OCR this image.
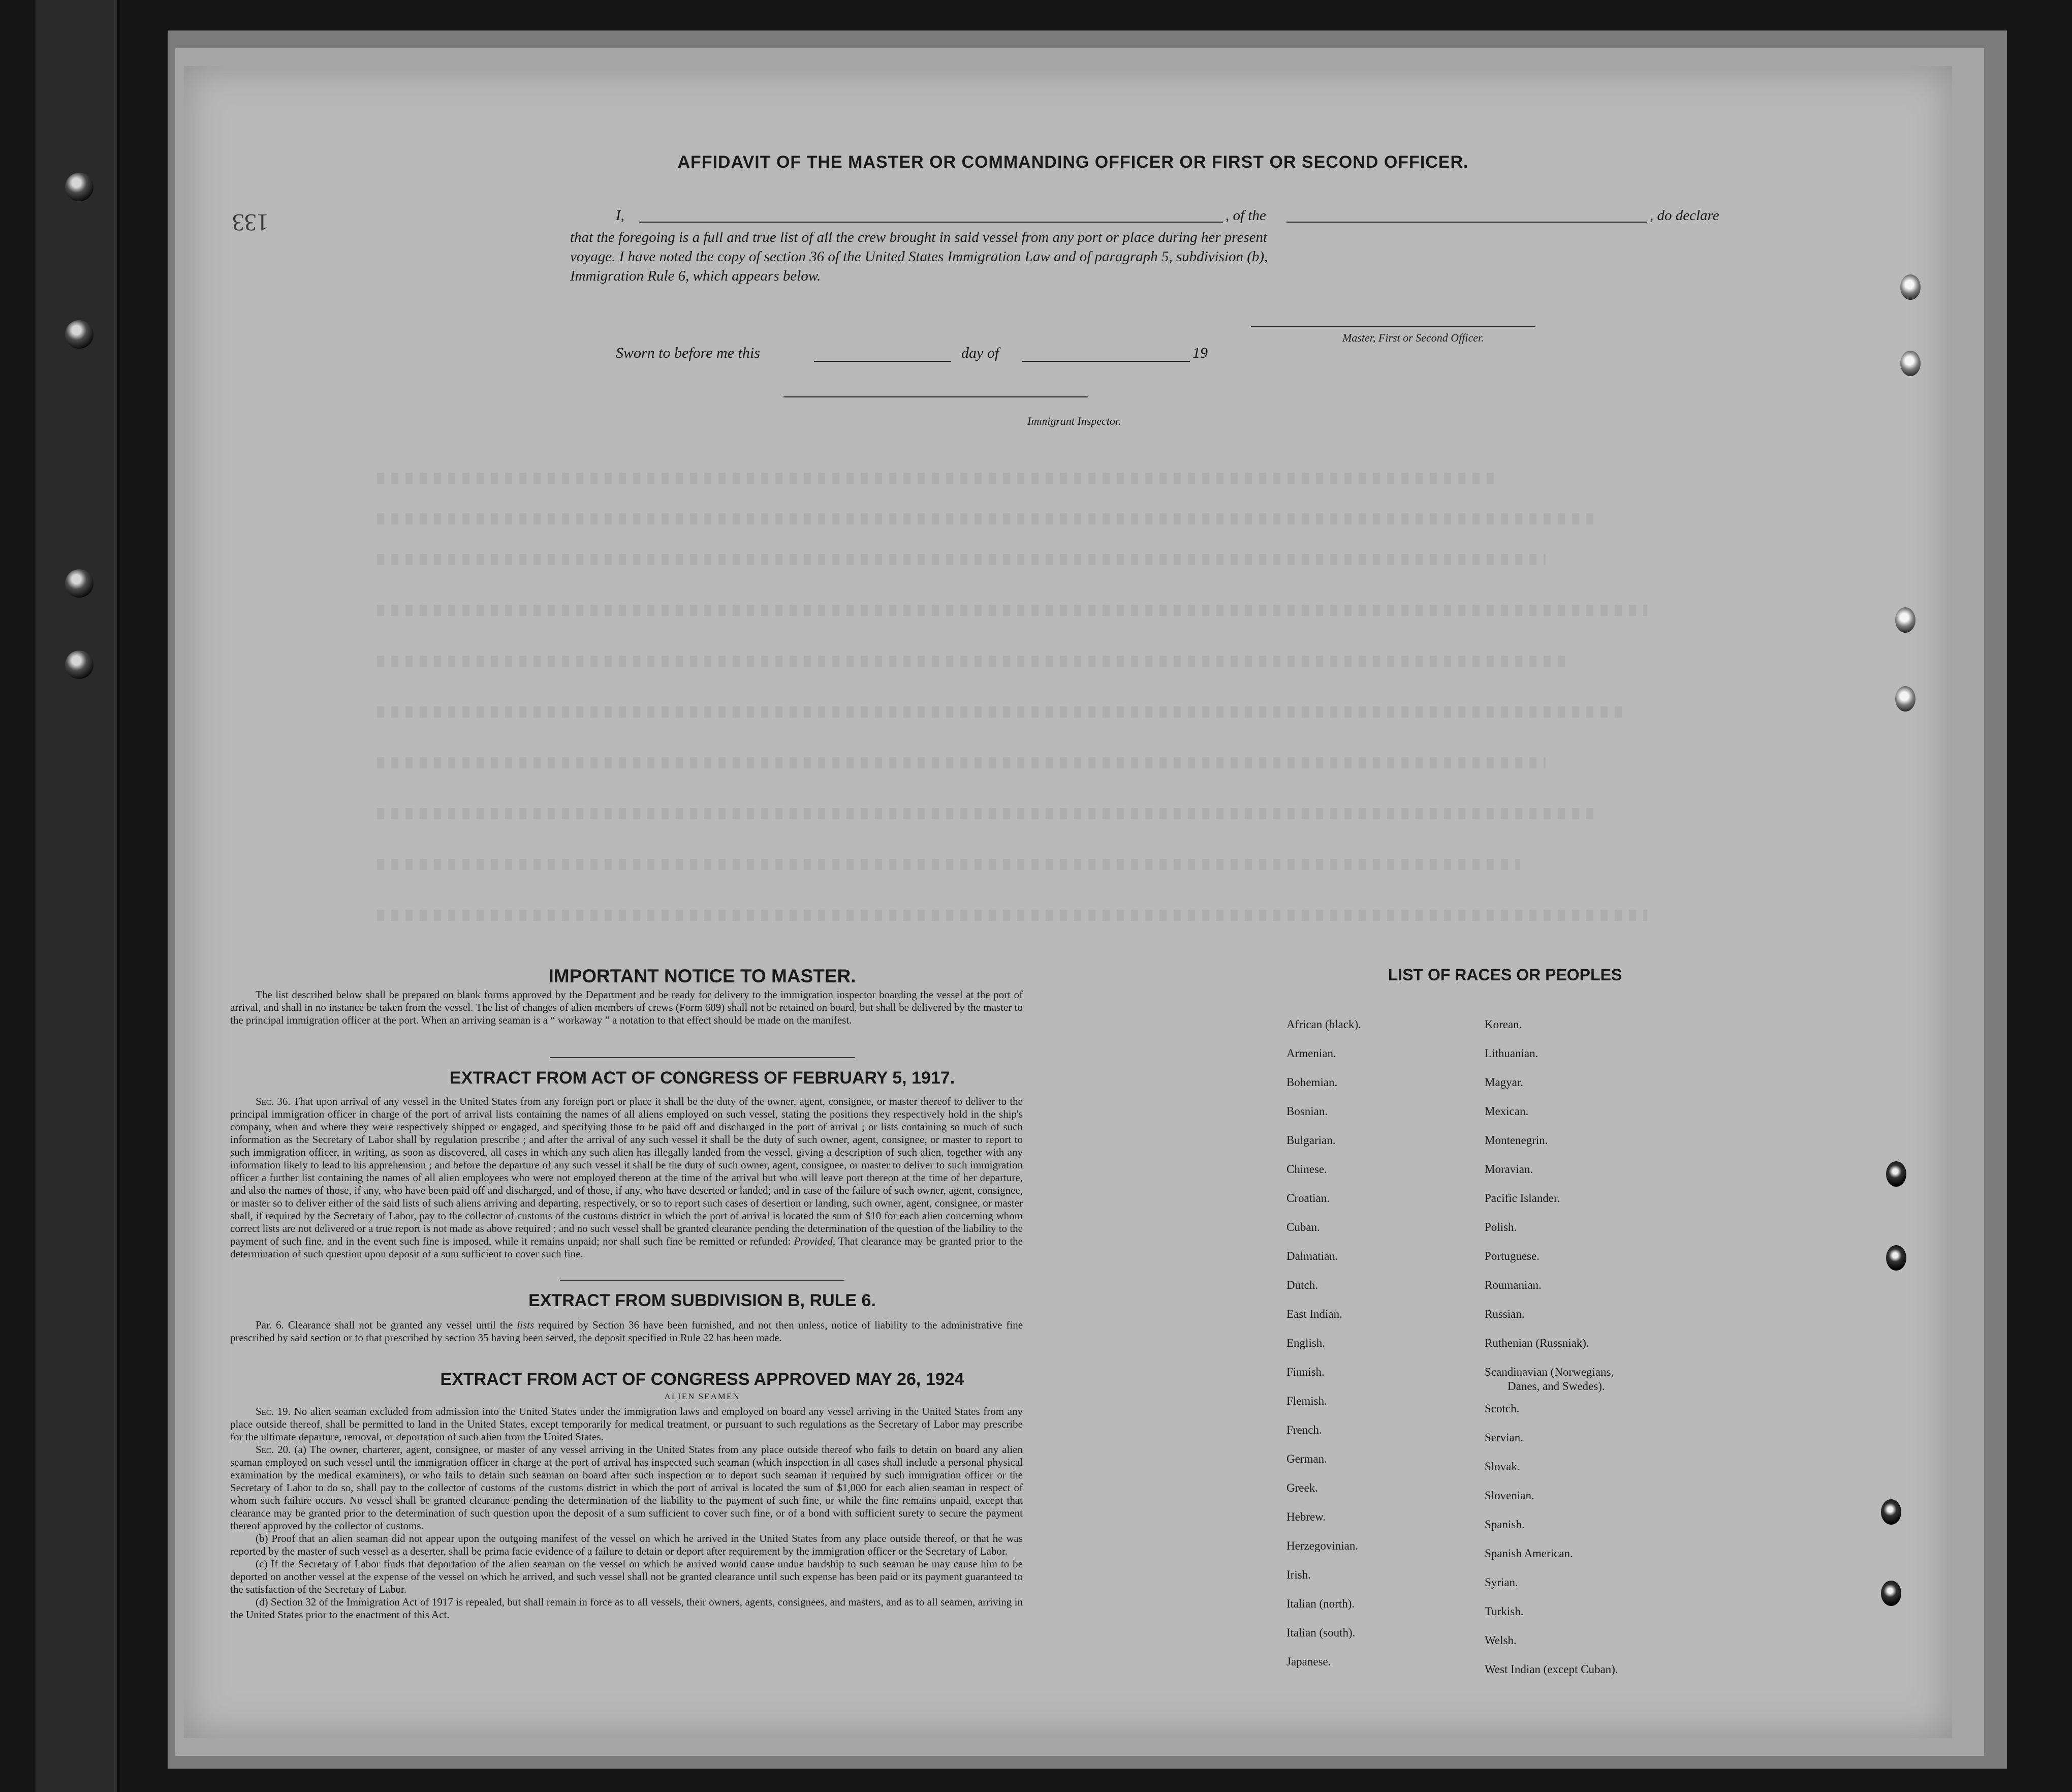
133
AFFIDAVIT OF THE MASTER OR COMMANDING OFFICER OR FIRST OR SECOND OFFICER.
I,	, of the	, do declare
that the foregoing is a full and true list of all the crew brought in said vessel from any port or place during her present
voyage. I have noted the copy of section 36 of the United States Immigration Law and of paragraph 5, subdivision (b),
Immigration Rule 6, which appears below.
Master, First or Second Officer.
Sworn to before me this	day of	19
Immigrant Inspector.
IMPORTANT NOTICE TO MASTER.

The list described below shall be prepared on blank forms approved by the Department and be ready for delivery to the immigration inspector boarding the vessel at the port of arrival, and shall in no instance be taken from the vessel. The list of changes of alien members of crews (Form 689) shall not be retained on board, but shall be delivered by the master to the principal immigration officer at the port. When an arriving seaman is a “ workaway ” a notation to that effect should be made on the manifest.

EXTRACT FROM ACT OF CONGRESS OF FEBRUARY 5, 1917.

Sec. 36. That upon arrival of any vessel in the United States from any foreign port or place it shall be the duty of the owner, agent, consignee, or master thereof to deliver to the principal immigration officer in charge of the port of arrival lists containing the names of all aliens employed on such vessel, stating the positions they respectively hold in the ship's company, when and where they were respectively shipped or engaged, and specifying those to be paid off and discharged in the port of arrival ; or lists containing so much of such information as the Secretary of Labor shall by regulation prescribe ; and after the arrival of any such vessel it shall be the duty of such owner, agent, consignee, or master to report to such immigration officer, in writing, as soon as discovered, all cases in which any such alien has illegally landed from the vessel, giving a description of such alien, together with any information likely to lead to his apprehension ; and before the departure of any such vessel it shall be the duty of such owner, agent, consignee, or master to deliver to such immigration officer a further list containing the names of all alien employees who were not employed thereon at the time of the arrival but who will leave port thereon at the time of her departure, and also the names of those, if any, who have been paid off and discharged, and of those, if any, who have deserted or landed; and in case of the failure of such owner, agent, consignee, or master so to deliver either of the said lists of such aliens arriving and departing, respectively, or so to report such cases of desertion or landing, such owner, agent, consignee, or master shall, if required by the Secretary of Labor, pay to the collector of customs of the customs district in which the port of arrival is located the sum of $10 for each alien concerning whom correct lists are not delivered or a true report is not made as above required ; and no such vessel shall be granted clearance pending the determination of the question of the liability to the payment of such fine, and in the event such fine is imposed, while it remains unpaid; nor shall such fine be remitted or refunded: Provided, That clearance may be granted prior to the determination of such question upon deposit of a sum sufficient to cover such fine.

EXTRACT FROM SUBDIVISION B, RULE 6.

Par. 6. Clearance shall not be granted any vessel until the lists required by Section 36 have been furnished, and not then unless, notice of liability to the administrative fine prescribed by said section or to that prescribed by section 35 having been served, the deposit specified in Rule 22 has been made.

EXTRACT FROM ACT OF CONGRESS APPROVED MAY 26, 1924
ALIEN SEAMEN

Sec. 19. No alien seaman excluded from admission into the United States under the immigration laws and employed on board any vessel arriving in the United States from any place outside thereof, shall be permitted to land in the United States, except temporarily for medical treatment, or pursuant to such regulations as the Secretary of Labor may prescribe for the ultimate departure, removal, or deportation of such alien from the United States.

Sec. 20. (a) The owner, charterer, agent, consignee, or master of any vessel arriving in the United States from any place outside thereof who fails to detain on board any alien seaman employed on such vessel until the immigration officer in charge at the port of arrival has inspected such seaman (which inspection in all cases shall include a personal physical examination by the medical examiners), or who fails to detain such seaman on board after such inspection or to deport such seaman if required by such immigration officer or the Secretary of Labor to do so, shall pay to the collector of customs of the customs district in which the port of arrival is located the sum of $1,000 for each alien seaman in respect of whom such failure occurs. No vessel shall be granted clearance pending the determination of the liability to the payment of such fine, or while the fine remains unpaid, except that clearance may be granted prior to the determination of such question upon the deposit of a sum sufficient to cover such fine, or of a bond with sufficient surety to secure the payment thereof approved by the collector of customs.

(b) Proof that an alien seaman did not appear upon the outgoing manifest of the vessel on which he arrived in the United States from any place outside thereof, or that he was reported by the master of such vessel as a deserter, shall be prima facie evidence of a failure to detain or deport after requirement by the immigration officer or the Secretary of Labor.

(c) If the Secretary of Labor finds that deportation of the alien seaman on the vessel on which he arrived would cause undue hardship to such seaman he may cause him to be deported on another vessel at the expense of the vessel on which he arrived, and such vessel shall not be granted clearance until such expense has been paid or its payment guaranteed to the satisfaction of the Secretary of Labor.

(d) Section 32 of the Immigration Act of 1917 is repealed, but shall remain in force as to all vessels, their owners, agents, consignees, and masters, and as to all seamen, arriving in the United States prior to the enactment of this Act.

LIST OF RACES OR PEOPLES
African (black).
Armenian.
Bohemian.
Bosnian.
Bulgarian.
Chinese.
Croatian.
Cuban.
Dalmatian.
Dutch.
East Indian.
English.
Finnish.
Flemish.
French.
German.
Greek.
Hebrew.
Herzegovinian.
Irish.
Italian (north).
Italian (south).
Japanese.
Korean.
Lithuanian.
Magyar.
Mexican.
Montenegrin.
Moravian.
Pacific Islander.
Polish.
Portuguese.
Roumanian.
Russian.
Ruthenian (Russniak).
Scandinavian (Norwegians,
Danes, and Swedes).
Scotch.
Servian.
Slovak.
Slovenian.
Spanish.
Spanish American.
Syrian.
Turkish.
Welsh.
West Indian (except Cuban).
